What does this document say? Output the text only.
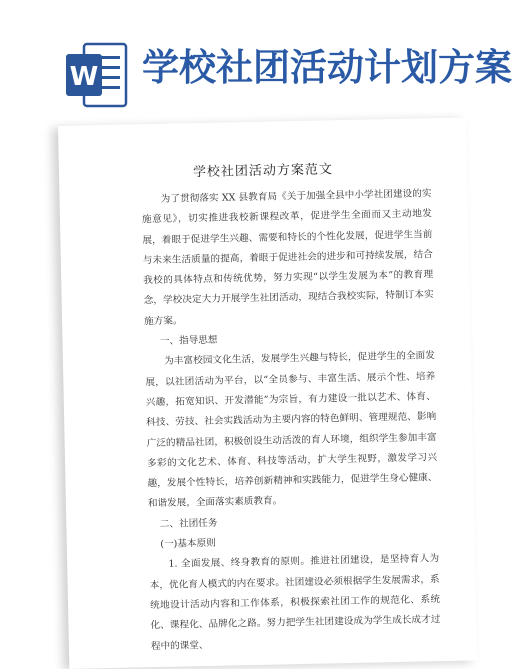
W 学校社团活动计划方案
学校社团活动方案范文

为了贯彻落实 XX 县教育局《关于加强全县中小学社团建设的实施意见》，切实推进我校新课程改革，促进学生全面而又主动地发展，着眼于促进学生兴趣、需要和特长的个性化发展，促进学生当前与未来生活质量的提高，着眼于促进社会的进步和可持续发展，结合我校的具体特点和传统优势，努力实现“以学生发展为本”的教育理念，学校决定大力开展学生社团活动，现结合我校实际，特制订本实施方案。

一、指导思想

为丰富校园文化生活，发展学生兴趣与特长，促进学生的全面发展，以社团活动为平台，以“全员参与、丰富生活、展示个性、培养兴趣，拓宽知识、开发潜能”为宗旨，有力建设一批以艺术、体育、科技、劳技、社会实践活动为主要内容的特色鲜明、管理规范、影响广泛的精品社团，积极创设生动活泼的育人环境，组织学生参加丰富多彩的文化艺术、体育、科技等活动，扩大学生视野，激发学习兴趣，发展个性特长，培养创新精神和实践能力，促进学生身心健康、和谐发展，全面落实素质教育。

二、社团任务

(一)基本原则

1. 全面发展、终身教育的原则。推进社团建设，是坚持育人为本，优化育人模式的内在要求。社团建设必须根据学生发展需求，系统地设计活动内容和工作体系，积极探索社团工作的规范化、系统化、课程化、品牌化之路。努力把学生社团建设成为学生成长成才过程中的课堂、
